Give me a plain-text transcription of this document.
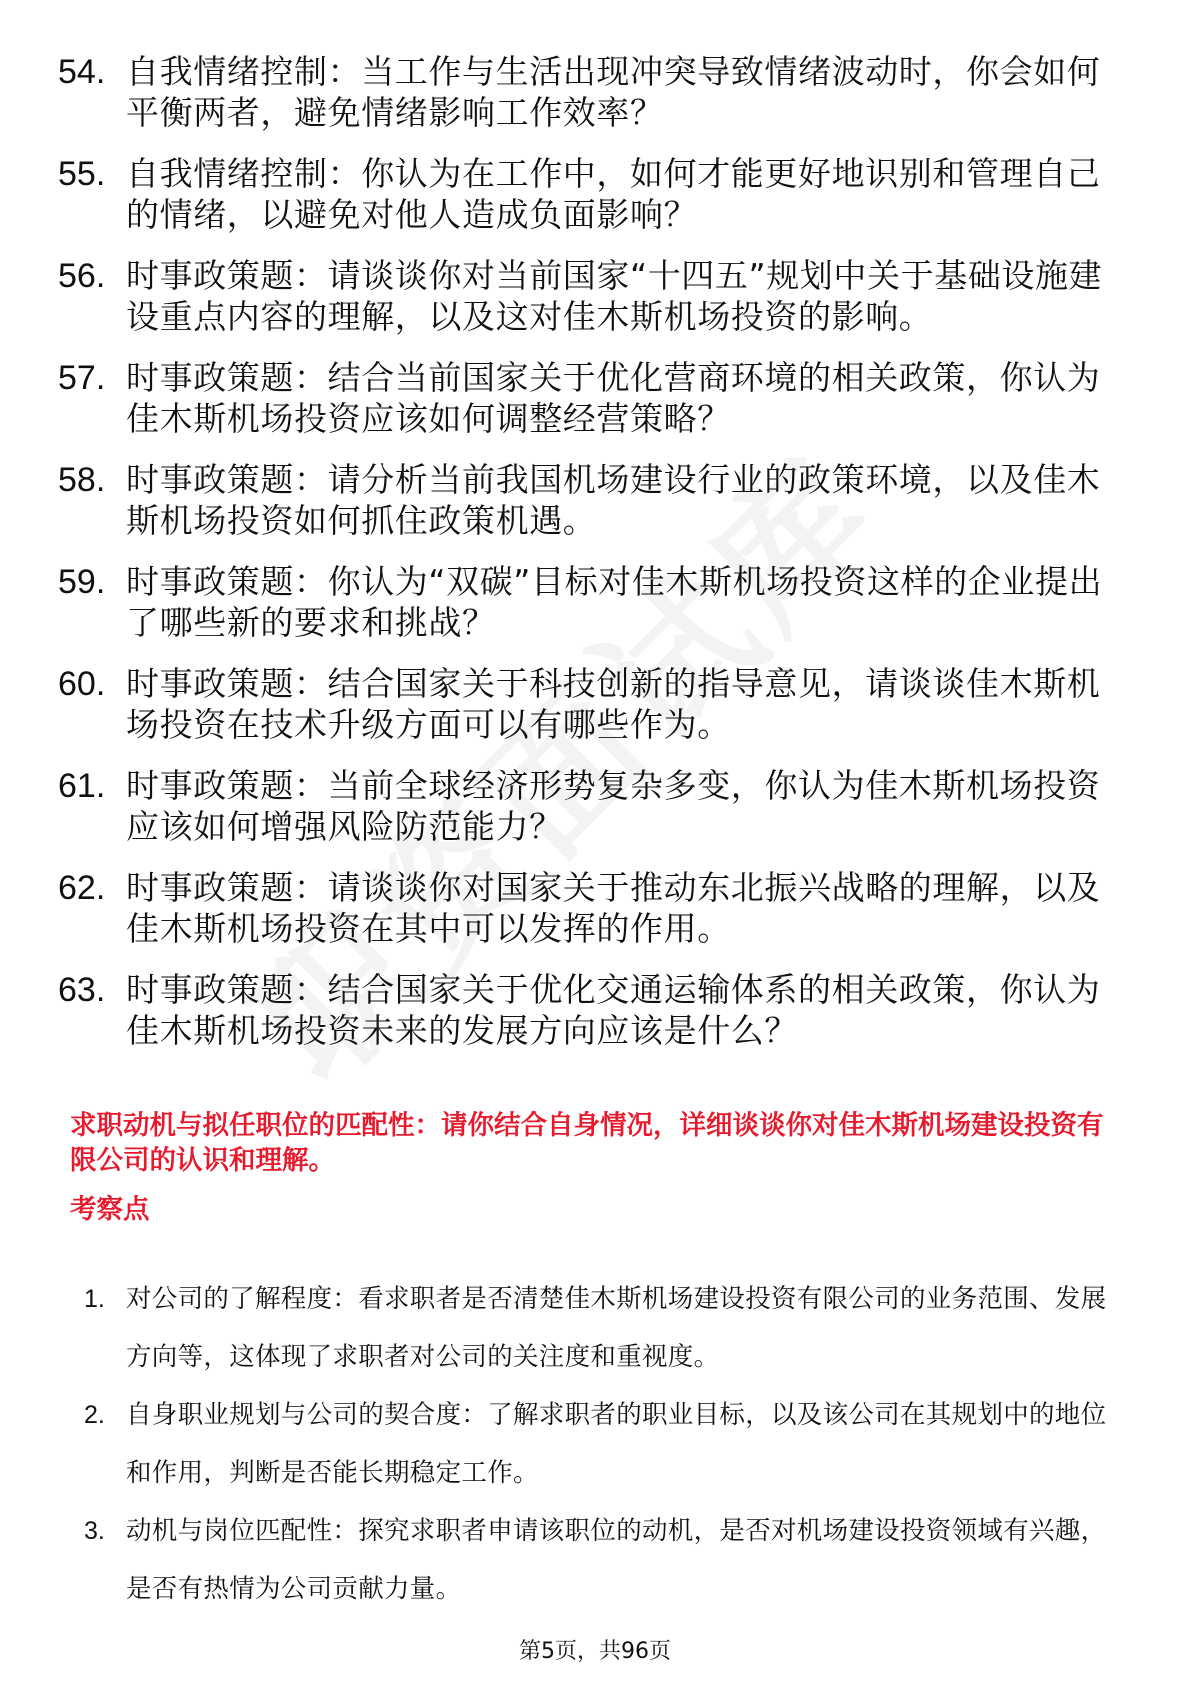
54. 自我情绪控制：当工作与生活出现冲突导致情绪波动时，你会如何平衡两者，避免情绪影响工作效率？
55. 自我情绪控制：你认为在工作中，如何才能更好地识别和管理自己的情绪，以避免对他人造成负面影响？
56. 时事政策题：请谈谈你对当前国家“十四五”规划中关于基础设施建设重点内容的理解，以及这对佳木斯机场投资的影响。
57. 时事政策题：结合当前国家关于优化营商环境的相关政策，你认为佳木斯机场投资应该如何调整经营策略？
58. 时事政策题：请分析当前我国机场建设行业的政策环境，以及佳木斯机场投资如何抓住政策机遇。
59. 时事政策题：你认为“双碳”目标对佳木斯机场投资这样的企业提出了哪些新的要求和挑战？
60. 时事政策题：结合国家关于科技创新的指导意见，请谈谈佳木斯机场投资在技术升级方面可以有哪些作为。
61. 时事政策题：当前全球经济形势复杂多变，你认为佳木斯机场投资应该如何增强风险防范能力？
62. 时事政策题：请谈谈你对国家关于推动东北振兴战略的理解，以及佳木斯机场投资在其中可以发挥的作用。
63. 时事政策题：结合国家关于优化交通运输体系的相关政策，你认为佳木斯机场投资未来的发展方向应该是什么？
求职动机与拟任职位的匹配性：请你结合自身情况，详细谈谈你对佳木斯机场建设投资有限公司的认识和理解。
考察点
1. 对公司的了解程度：看求职者是否清楚佳木斯机场建设投资有限公司的业务范围、发展方向等，这体现了求职者对公司的关注度和重视度。
2. 自身职业规划与公司的契合度：了解求职者的职业目标，以及该公司在其规划中的地位和作用，判断是否能长期稳定工作。
3. 动机与岗位匹配性：探究求职者申请该职位的动机，是否对机场建设投资领域有兴趣，是否有热情为公司贡献力量。
第5页，共96页
